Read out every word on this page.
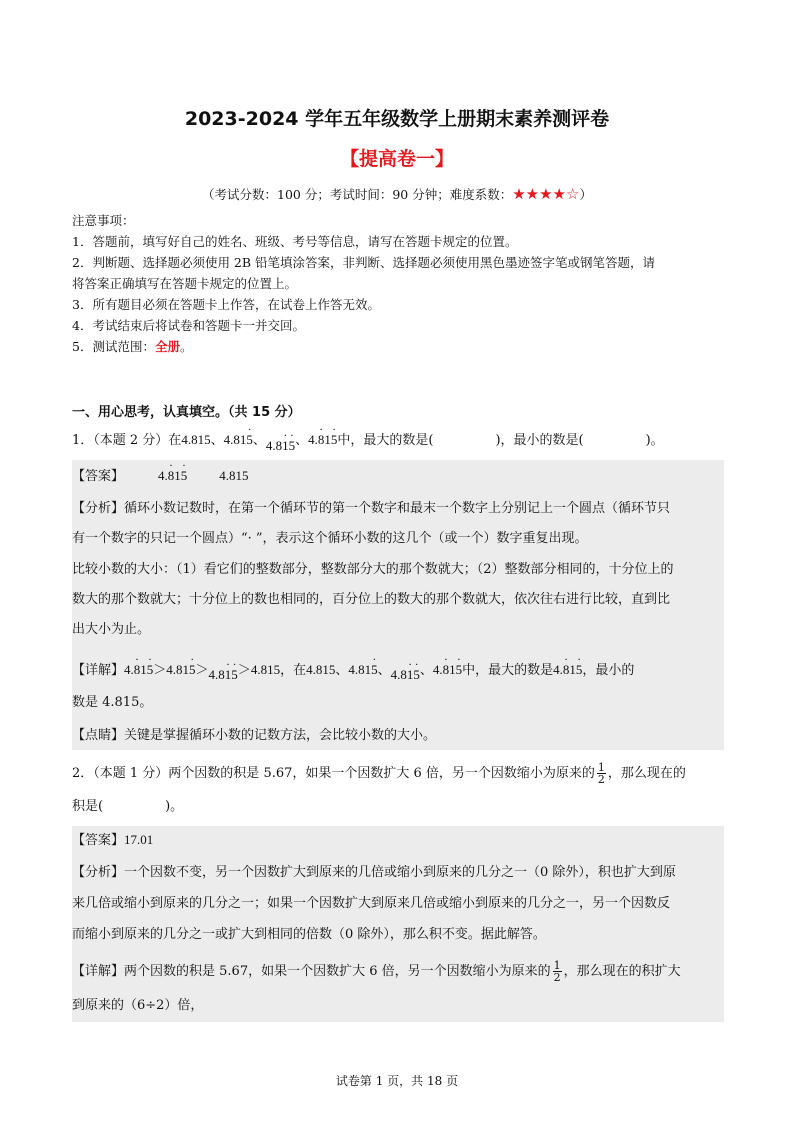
2023-2024 学年五年级数学上册期末素养测评卷
【提高卷一】
（考试分数：100 分；考试时间：90 分钟；难度系数：★★★★☆）
注意事项：
1．答题前，填写好自己的姓名、班级、考号等信息，请写在答题卡规定的位置。
2．判断题、选择题必须使用 2B 铅笔填涂答案，非判断、选择题必须使用黑色墨迹签字笔或钢笔答题，请
将答案正确填写在答题卡规定的位置上。
3．所有题目必须在答题卡上作答，在试卷上作答无效。
4．考试结束后将试卷和答题卡一并交回。
5．测试范围：全册。
一、用心思考，认真填空。（共 15 分）
1．（本题 2 分）在4.815、4.81· 5、4.8· 1· 5、4.· 81· 5中，最大的数是(	)，最小的数是(	)。
【答案】	4.· 81· 5 4.815
【分析】循环小数记数时，在第一个循环节的第一个数字和最末一个数字上分别记上一个圆点（循环节只
有一个数字的只记一个圆点）“· ”，表示这个循环小数的这几个（或一个）数字重复出现。
比较小数的大小：（1）看它们的整数部分，整数部分大的那个数就大；（2）整数部分相同的，十分位上的
数大的那个数就大；十分位上的数也相同的，百分位上的数大的那个数就大，依次往右进行比较，直到比
出大小为止。
【详解】4.· 81· 5＞4.81· 5＞4.8· 1· 5＞4.815，在4.815、4.81· 5、4.8· 1· 5、4.· 81· 5中，最大的数是4.· 81· 5，最小的
数是 4.815。
【点睛】关键是掌握循环小数的记数方法，会比较小数的大小。
2．（本题 1 分）两个因数的积是 5.67，如果一个因数扩大 6 倍，另一个因数缩小为原来的 $\frac{1}{2}$ ，那么现在的
积是(	)。
【答案】17.01
【分析】一个因数不变，另一个因数扩大到原来的几倍或缩小到原来的几分之一（0 除外），积也扩大到原
来几倍或缩小到原来的几分之一；如果一个因数扩大到原来几倍或缩小到原来的几分之一，另一个因数反
而缩小到原来的几分之一或扩大到相同的倍数（0 除外），那么积不变。据此解答。
【详解】两个因数的积是 5.67，如果一个因数扩大 6 倍，另一个因数缩小为原来的 $\frac{1}{2}$ ，那么现在的积扩大
到原来的（6÷2）倍，
试卷第 1 页，共 18 页
